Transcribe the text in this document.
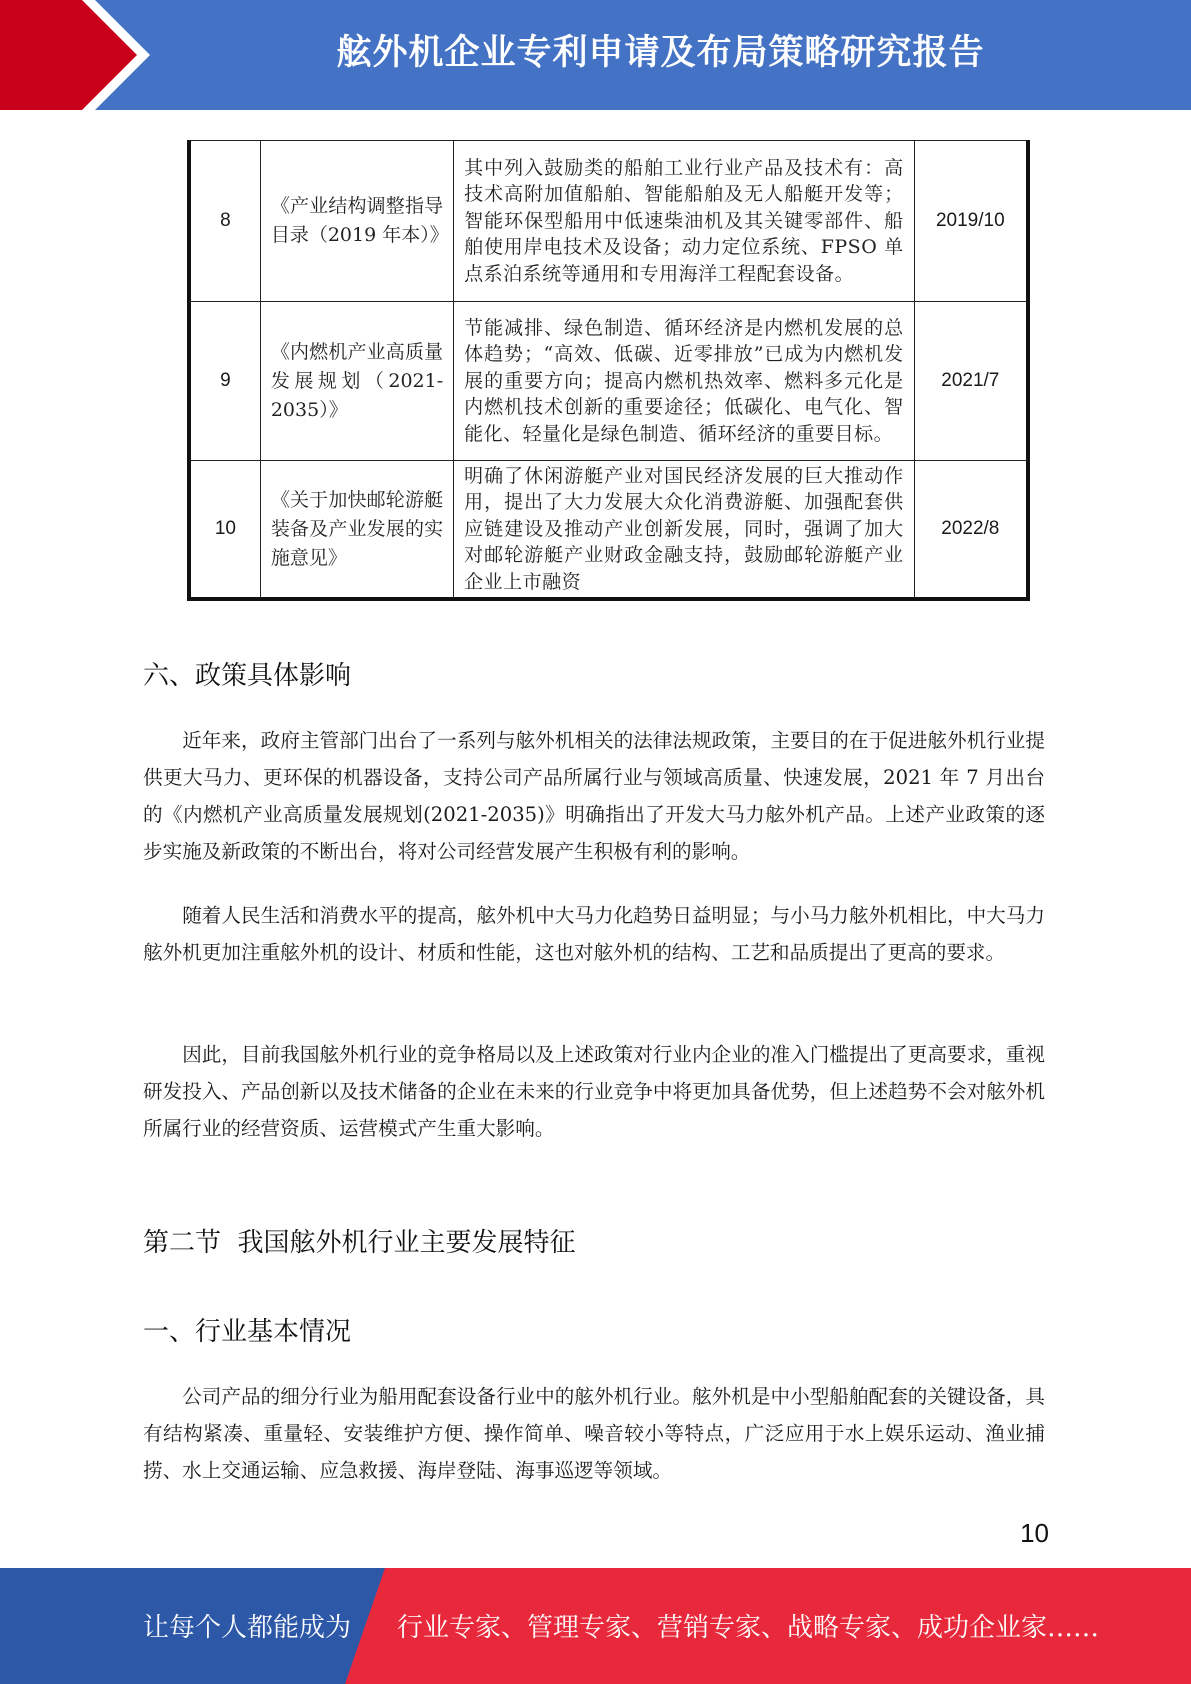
舷外机企业专利申请及布局策略研究报告
8	《产业结构调整指导目录（2019 年本）》	其中列入鼓励类的船舶工业行业产品及技术有：高技术高附加值船舶、智能船舶及无人船艇开发等；智能环保型船用中低速柴油机及其关键零部件、船舶使用岸电技术及设备；动力定位系统、FPSO 单点系泊系统等通用和专用海洋工程配套设备。	2019/10
9	《内燃机产业高质量发展规划（2021-2035）》	节能减排、绿色制造、循环经济是内燃机发展的总体趋势；“高效、低碳、近零排放”已成为内燃机发展的重要方向；提高内燃机热效率、燃料多元化是内燃机技术创新的重要途径；低碳化、电气化、智能化、轻量化是绿色制造、循环经济的重要目标。	2021/7
10	《关于加快邮轮游艇装备及产业发展的实施意见》	明确了休闲游艇产业对国民经济发展的巨大推动作用，提出了大力发展大众化消费游艇、加强配套供应链建设及推动产业创新发展，同时，强调了加大对邮轮游艇产业财政金融支持，鼓励邮轮游艇产业企业上市融资	2022/8
六、政策具体影响

近年来，政府主管部门出台了一系列与舷外机相关的法律法规政策，主要目的在于促进舷外机行业提供更大马力、更环保的机器设备，支持公司产品所属行业与领域高质量、快速发展，2021 年 7 月出台的《内燃机产业高质量发展规划(2021-2035)》明确指出了开发大马力舷外机产品。上述产业政策的逐步实施及新政策的不断出台，将对公司经营发展产生积极有利的影响。

随着人民生活和消费水平的提高，舷外机中大马力化趋势日益明显；与小马力舷外机相比，中大马力舷外机更加注重舷外机的设计、材质和性能，这也对舷外机的结构、工艺和品质提出了更高的要求。

因此，目前我国舷外机行业的竞争格局以及上述政策对行业内企业的准入门槛提出了更高要求，重视研发投入、产品创新以及技术储备的企业在未来的行业竞争中将更加具备优势，但上述趋势不会对舷外机所属行业的经营资质、运营模式产生重大影响。

第二节  我国舷外机行业主要发展特征
一、行业基本情况

公司产品的细分行业为船用配套设备行业中的舷外机行业。舷外机是中小型船舶配套的关键设备，具有结构紧凑、重量轻、安装维护方便、操作简单、噪音较小等特点，广泛应用于水上娱乐运动、渔业捕捞、水上交通运输、应急救援、海岸登陆、海事巡逻等领域。

10
让每个人都能成为 行业专家、管理专家、营销专家、战略专家、成功企业家……
